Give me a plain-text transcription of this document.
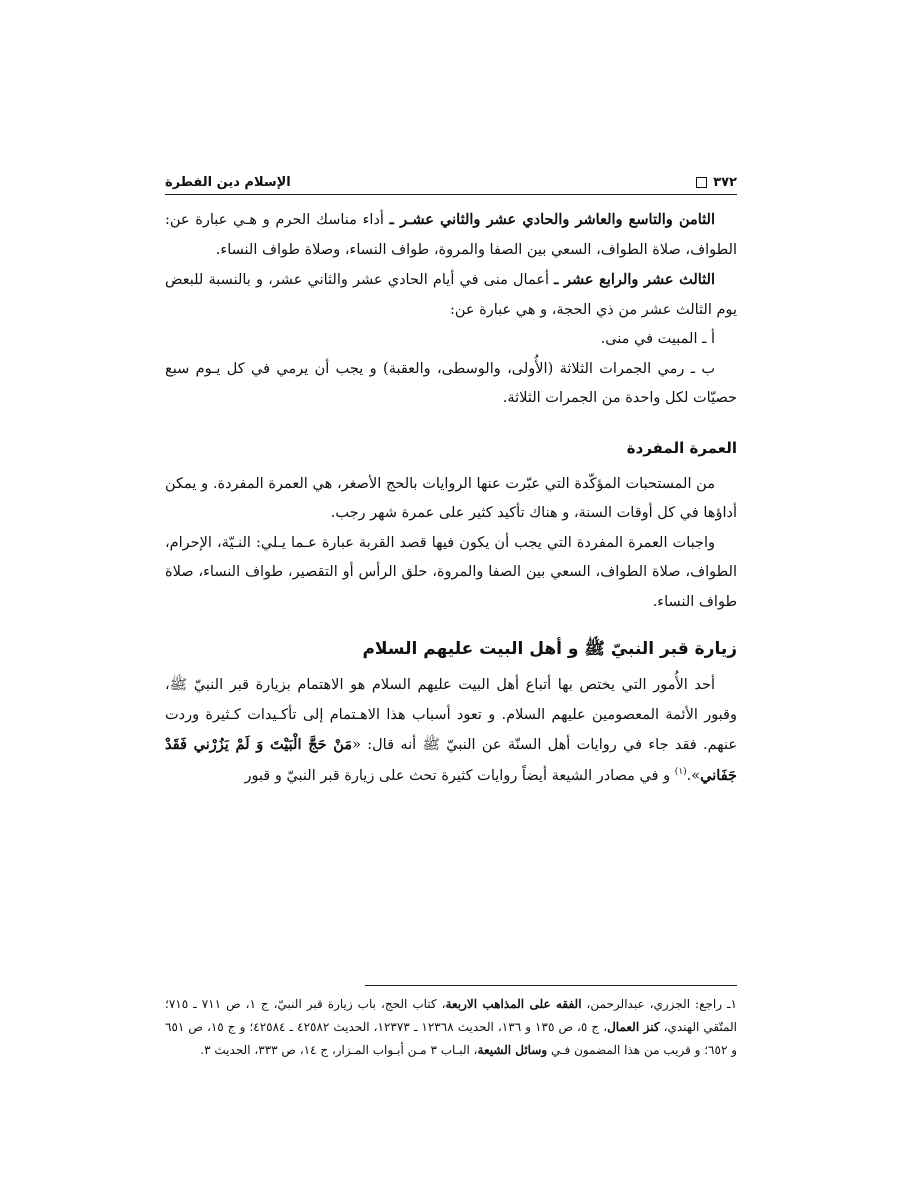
٣٧٢
الإسلام دين الفطرة

الثامن والتاسع والعاشر والحادي عشر والثاني عشـر ـ أداء مناسك الحرم و هـي عبارة عن: الطواف، صلاة الطواف، السعي بين الصفا والمروة، طواف النساء، وصلاة طواف النساء.

الثالث عشر والرابع عشر ـ أعمال منى في أيام الحادي عشر والثاني عشر، و بالنسبة للبعض يوم الثالث عشر من ذي الحجة، و هي عبارة عن:

أ ـ المبيت في منى.

ب ـ رمي الجمرات الثلاثة (الأُولى، والوسطى، والعقبة) و يجب أن يرمي في كل يـوم سبع حصيّات لكل واحدة من الجمرات الثلاثة.

العمرة المفردة

من المستحبات المؤكّدة التي عبّرت عنها الروايات بالحج الأصغر، هي العمرة المفردة. و يمكن أداؤها في كل أوقات السنة، و هناك تأكيد كثير على عمرة شهر رجب.

واجبات العمرة المفردة التي يجب أن يكون فيها قصد القربة عبارة عـما يـلي: النـيّة، الإحرام، الطواف، صلاة الطواف، السعي بين الصفا والمروة، حلق الرأس أو التقصير، طواف النساء، صلاة طواف النساء.

زيارة قبر النبيّ ﷺ و أهل البيت عليهم السلام

أحد الأُمور التي يختص بها أتباع أهل البيت عليهم السلام هو الاهتمام بزيارة قبر النبيّ ﷺ، وقبور الأئمة المعصومين عليهم السلام. و تعود أسباب هذا الاهـتمام إلى تأكـيدات كـثيرة وردت عنهم. فقد جاء في روايات أهل السنّة عن النبيّ ﷺ أنه قال: «مَنْ حَجَّ الْبَيْتَ وَ لَمْ يَزُرْني فَقَدْ جَفَاني».$^{(١)}$ و في مصادر الشيعة أيضاً روايات كثيرة تحث على زيارة قبر النبيّ و قبور

١ـ راجع: الجزري، عبدالرحمن، الفقه على المذاهب الاربعة، كتاب الحج، باب زيارة قبر النبيّ، ج ١، ص ٧١١ ـ ٧١٥؛ المتّقي الهندي، كنز العمال، ج ٥، ص ١٣٥ و ١٣٦، الحديث ١٢٣٦٨ ـ ١٢٣٧٣، الحديث ٤٢٥٨٢ ـ ٤٢٥٨٤؛ و ج ١٥، ص ٦٥١ و ٦٥٢؛ و قريب من هذا المضمون فـي وسائل الشيعة، البـاب ٣ مـن أبـواب المـزار، ج ١٤، ص ٣٣٣، الحديث ٣.
